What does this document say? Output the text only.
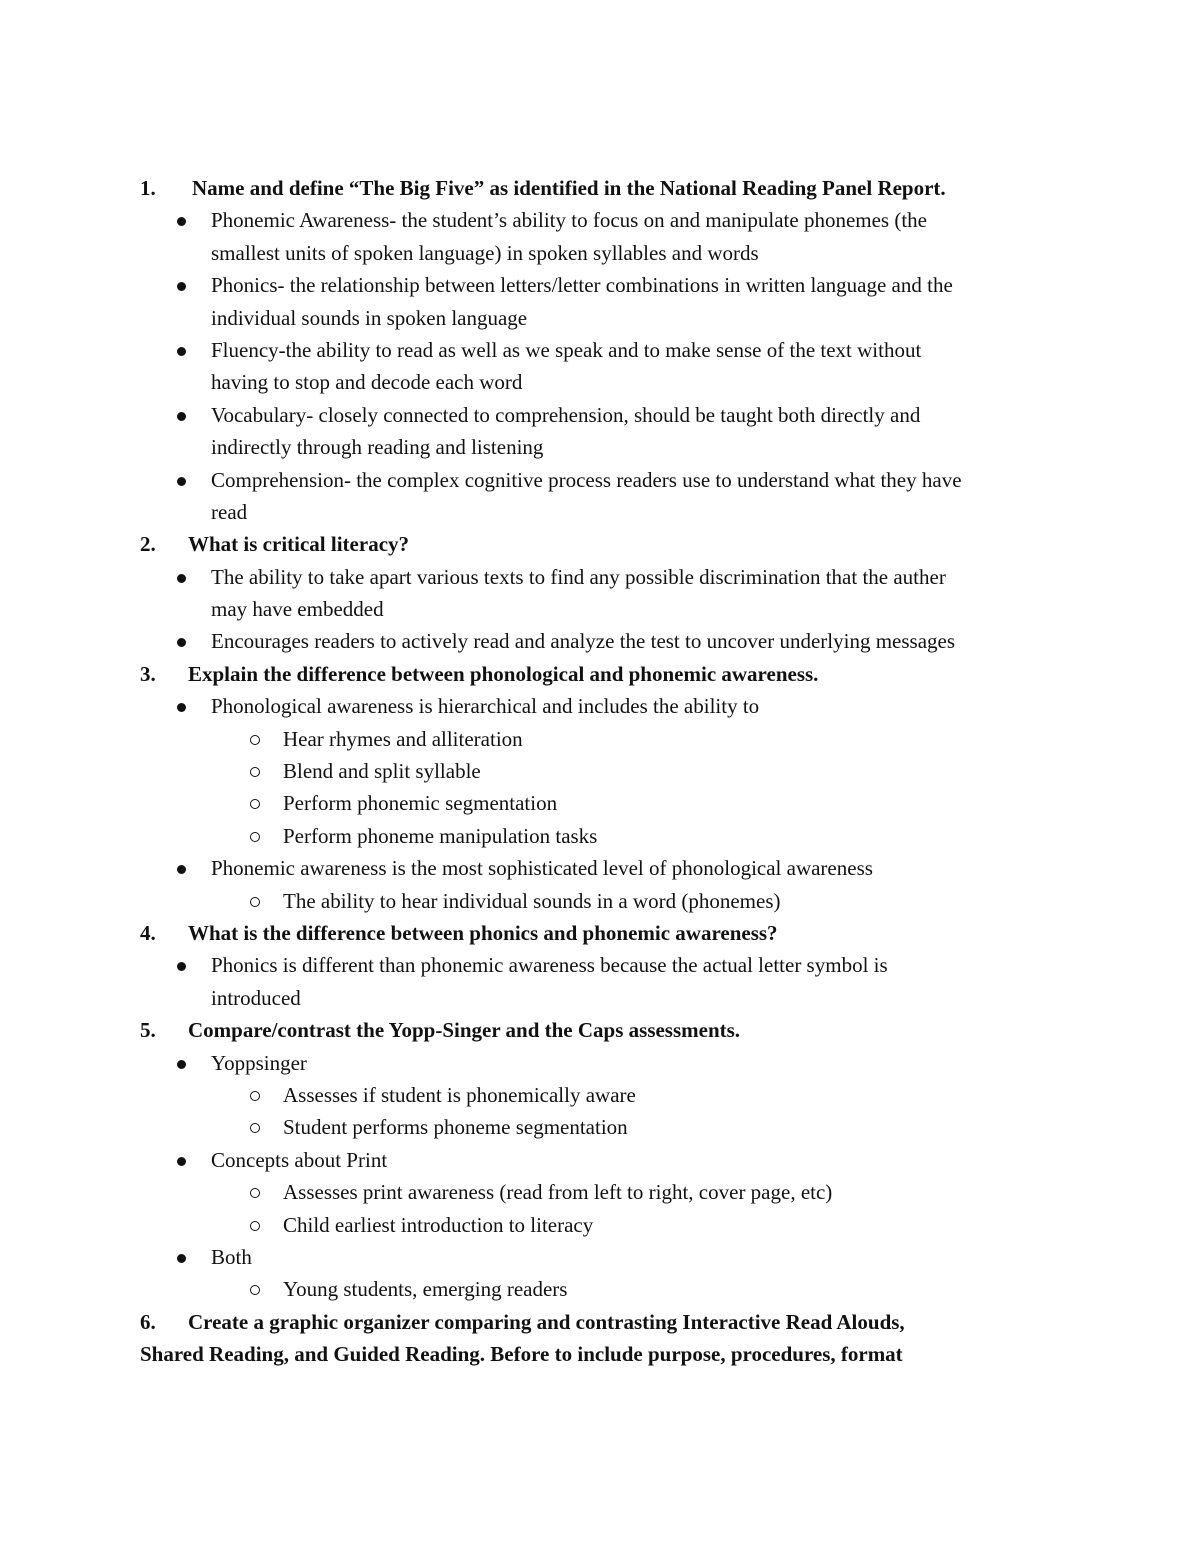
1. Name and define “The Big Five” as identified in the National Reading Panel Report.
Phonemic Awareness- the student’s ability to focus on and manipulate phonemes (the
smallest units of spoken language) in spoken syllables and words
Phonics- the relationship between letters/letter combinations in written language and the
individual sounds in spoken language
Fluency-the ability to read as well as we speak and to make sense of the text without
having to stop and decode each word
Vocabulary- closely connected to comprehension, should be taught both directly and
indirectly through reading and listening
Comprehension- the complex cognitive process readers use to understand what they have
read
2. What is critical literacy?
The ability to take apart various texts to find any possible discrimination that the auther
may have embedded
Encourages readers to actively read and analyze the test to uncover underlying messages
3. Explain the difference between phonological and phonemic awareness.
Phonological awareness is hierarchical and includes the ability to
Hear rhymes and alliteration
Blend and split syllable
Perform phonemic segmentation
Perform phoneme manipulation tasks
Phonemic awareness is the most sophisticated level of phonological awareness
The ability to hear individual sounds in a word (phonemes)
4. What is the difference between phonics and phonemic awareness?
Phonics is different than phonemic awareness because the actual letter symbol is
introduced
5. Compare/contrast the Yopp-Singer and the Caps assessments.
Yoppsinger
Assesses if student is phonemically aware
Student performs phoneme segmentation
Concepts about Print
Assesses print awareness (read from left to right, cover page, etc)
Child earliest introduction to literacy
Both
Young students, emerging readers
6. Create a graphic organizer comparing and contrasting Interactive Read Alouds,
Shared Reading, and Guided Reading. Before to include purpose, procedures, format
